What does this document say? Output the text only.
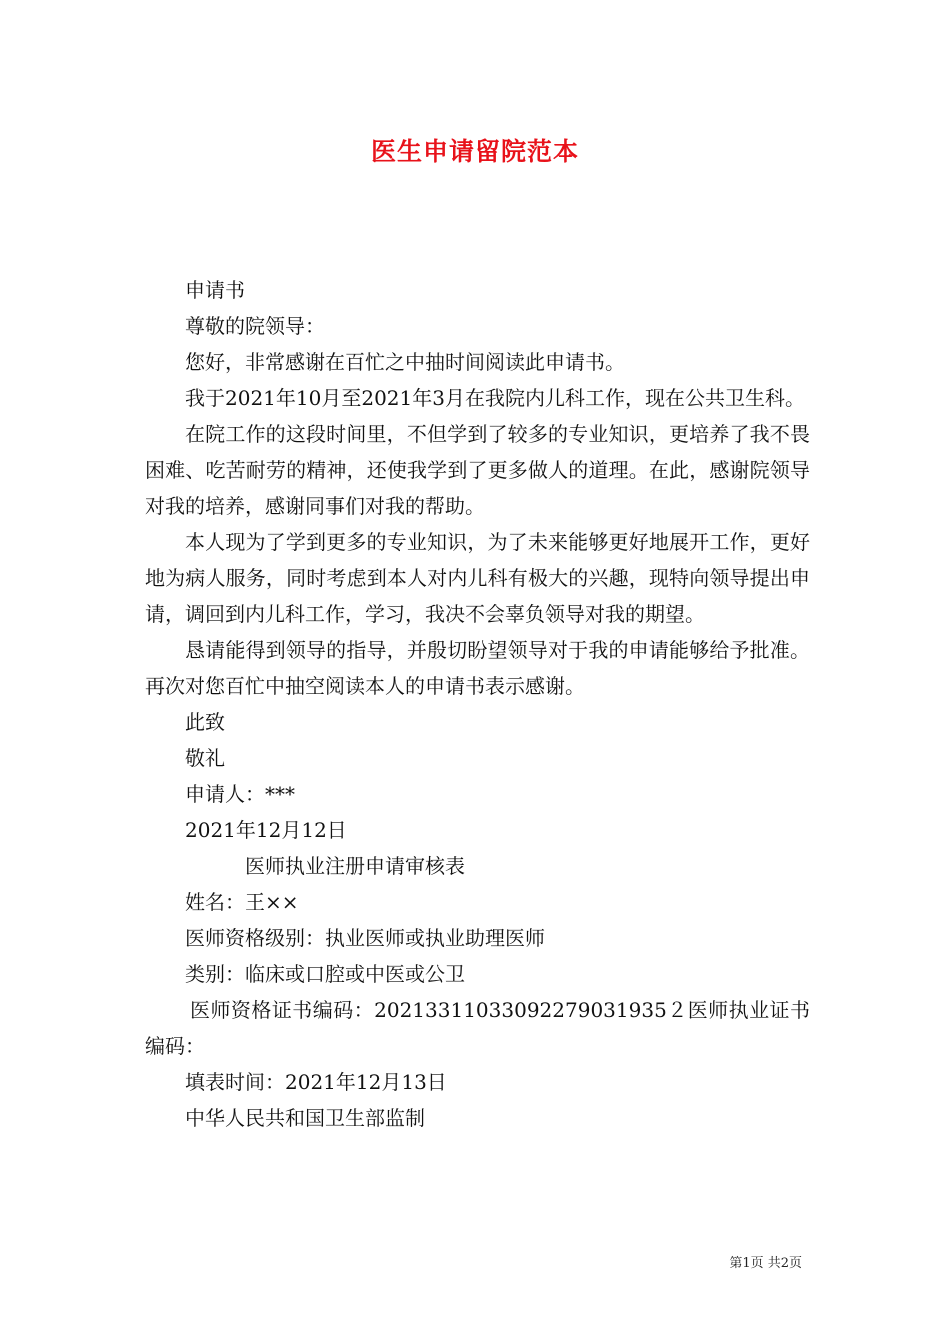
医生申请留院范本

申请书

尊敬的院领导：

您好，非常感谢在百忙之中抽时间阅读此申请书。

我于2021年10月至2021年3月在我院内儿科工作，现在公共卫生科。

在院工作的这段时间里，不但学到了较多的专业知识，更培养了我不畏困难、吃苦耐劳的精神，还使我学到了更多做人的道理。在此，感谢院领导对我的培养，感谢同事们对我的帮助。

本人现为了学到更多的专业知识，为了未来能够更好地展开工作，更好地为病人服务，同时考虑到本人对内儿科有极大的兴趣，现特向领导提出申请，调回到内儿科工作，学习，我决不会辜负领导对我的期望。

恳请能得到领导的指导，并殷切盼望领导对于我的申请能够给予批准。再次对您百忙中抽空阅读本人的申请书表示感谢。

此致

敬礼

申请人：***

2021年12月12日

医师执业注册申请审核表

姓名：王××

医师资格级别：执业医师或执业助理医师

类别：临床或口腔或中医或公卫

医师资格证书编码：20213311033092279031935２医师执业证书编码：

填表时间：2021年12月13日

中华人民共和国卫生部监制

第1页 共2页
